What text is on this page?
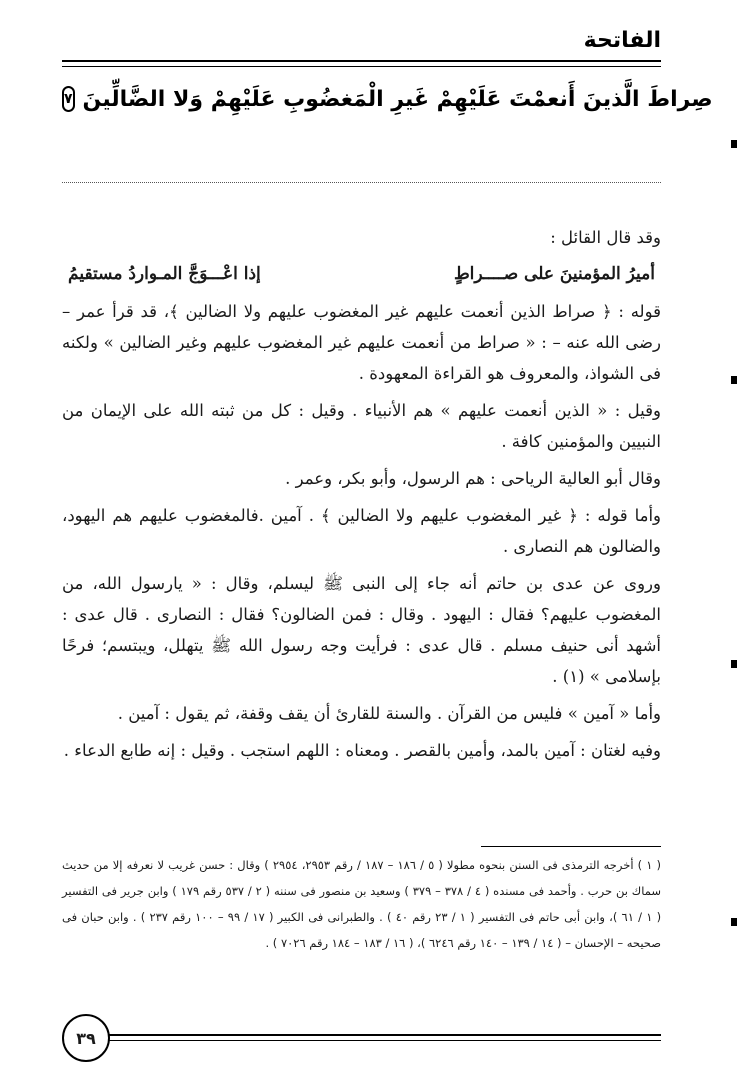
الفاتحة
صِراطَ الَّذينَ أَنعمْتَ عَلَيْهِمْ غَيرِ الْمَغضُوبِ عَلَيْهِمْ وَلا الضَّالِّينَ
٧

وقد قال القائل :

أميرُ المؤمنينَ على صــــراطٍ
إذا اعْـــوَجَّ المـواردُ مستقيمُ

قوله : ﴿ صراط الذين أنعمت عليهم غير المغضوب عليهم ولا الضالين ﴾، قد قرأ عمر – رضى الله عنه – : « صراط من أنعمت عليهم غير المغضوب عليهم وغير الضالين » ولكنه فى الشواذ، والمعروف هو القراءة المعهودة .

وقيل : « الذين أنعمت عليهم » هم الأنبياء . وقيل : كل من ثبته الله على الإيمان من النبيين والمؤمنين كافة .

وقال أبو العالية الرياحى : هم الرسول، وأبو بكر، وعمر .

وأما قوله : ﴿ غير المغضوب عليهم ولا الضالين ﴾ . آمين .فالمغضوب عليهم هم اليهود، والضالون هم النصارى .

وروى عن عدى بن حاتم أنه جاء إلى النبى ﷺ ليسلم، وقال : « يارسول الله، من المغضوب عليهم؟ فقال : اليهود . وقال : فمن الضالون؟ فقال : النصارى . قال عدى : أشهد أنى حنيف مسلم . قال عدى : فرأيت وجه رسول الله ﷺ يتهلل، ويبتسم؛ فرحًا بإسلامى » (١) .

وأما « آمين » فليس من القرآن . والسنة للقارئ أن يقف وقفة، ثم يقول : آمين .

وفيه لغتان : آمين بالمد، وأمين بالقصر . ومعناه : اللهم استجب . وقيل : إنه طابع الدعاء .

( ١ ) أخرجه الترمذى فى السنن بنحوه مطولا ( ٥ / ١٨٦ – ١٨٧ / رقم ٢٩٥٣، ٢٩٥٤ ) وقال : حسن غريب لا نعرفه إلا من حديث سماك بن حرب . وأحمد فى مسنده ( ٤ / ٣٧٨ – ٣٧٩ ) وسعيد بن منصور فى سننه ( ٢ / ٥٣٧ رقم ١٧٩ ) وابن جرير فى التفسير ( ١ / ٦١ )، وابن أبى حاتم فى التفسير ( ١ / ٢٣ رقم ٤٠ ) . والطبرانى فى الكبير ( ١٧ / ٩٩ – ١٠٠ رقم ٢٣٧ ) . وابن حبان فى صحيحه – الإحسان – ( ١٤ / ١٣٩ – ١٤٠ رقم ٦٢٤٦ )، ( ١٦ / ١٨٣ – ١٨٤ رقم ٧٠٢٦ ) .
٣٩
